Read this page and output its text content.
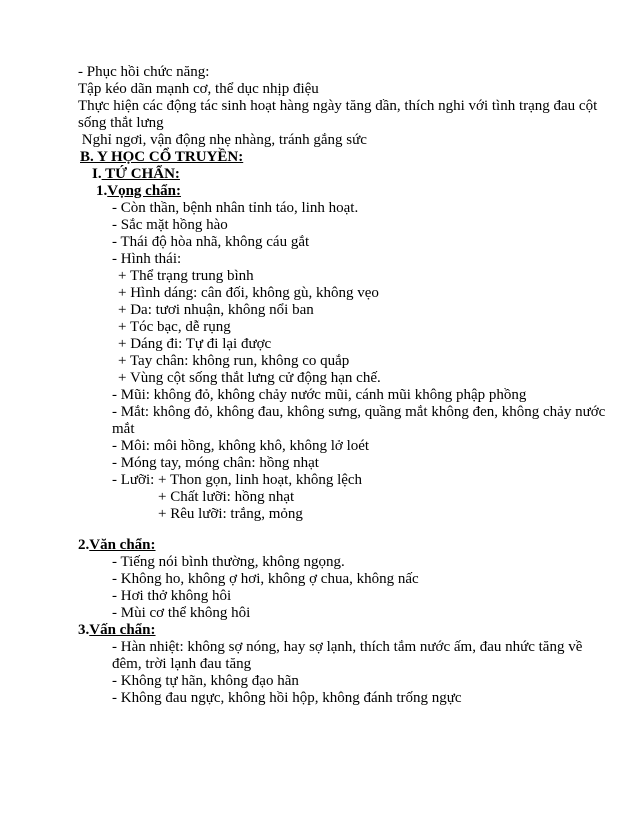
- Phục hồi chức năng:
Tập kéo dãn mạnh cơ, thể dục nhịp điệu
Thực hiện các động tác sinh hoạt hàng ngày tăng dần, thích nghi với tình trạng đau cột
sống thắt lưng
Nghỉ ngơi, vận động nhẹ nhàng, tránh gắng sức
B. Y HỌC CỔ TRUYỀN:
I. TỨ CHẨN:
1.Vọng chẩn:
- Còn thần, bệnh nhân tỉnh táo, linh hoạt.
- Sắc mặt hồng hào
- Thái độ hòa nhã, không cáu gắt
- Hình thái:
+ Thể trạng trung bình
+ Hình dáng: cân đối, không gù, không vẹo
+ Da: tươi nhuận, không nổi ban
+ Tóc bạc, dễ rụng
+ Dáng đi: Tự đi lại được
+ Tay chân: không run, không co quắp
+ Vùng cột sống thắt lưng cử động hạn chế.
- Mũi: không đỏ, không chảy nước mũi, cánh mũi không phập phồng
- Mắt: không đỏ, không đau, không sưng, quầng mắt không đen, không chảy nước
mắt
- Môi: môi hồng, không khô, không lở loét
- Móng tay, móng chân: hồng nhạt
- Lưỡi: + Thon gọn, linh hoạt, không lệch
+ Chất lưỡi: hồng nhạt
+ Rêu lưỡi: trắng, mỏng
2.Văn chẩn:
- Tiếng nói bình thường, không ngọng.
- Không ho, không ợ hơi, không ợ chua, không nấc
- Hơi thở không hôi
- Mùi cơ thể không hôi
3.Vấn chẩn:
- Hàn nhiệt: không sợ nóng, hay sợ lạnh, thích tắm nước ấm, đau nhức tăng về
đêm, trời lạnh đau tăng
- Không tự hãn, không đạo hãn
- Không đau ngực, không hồi hộp, không đánh trống ngực
